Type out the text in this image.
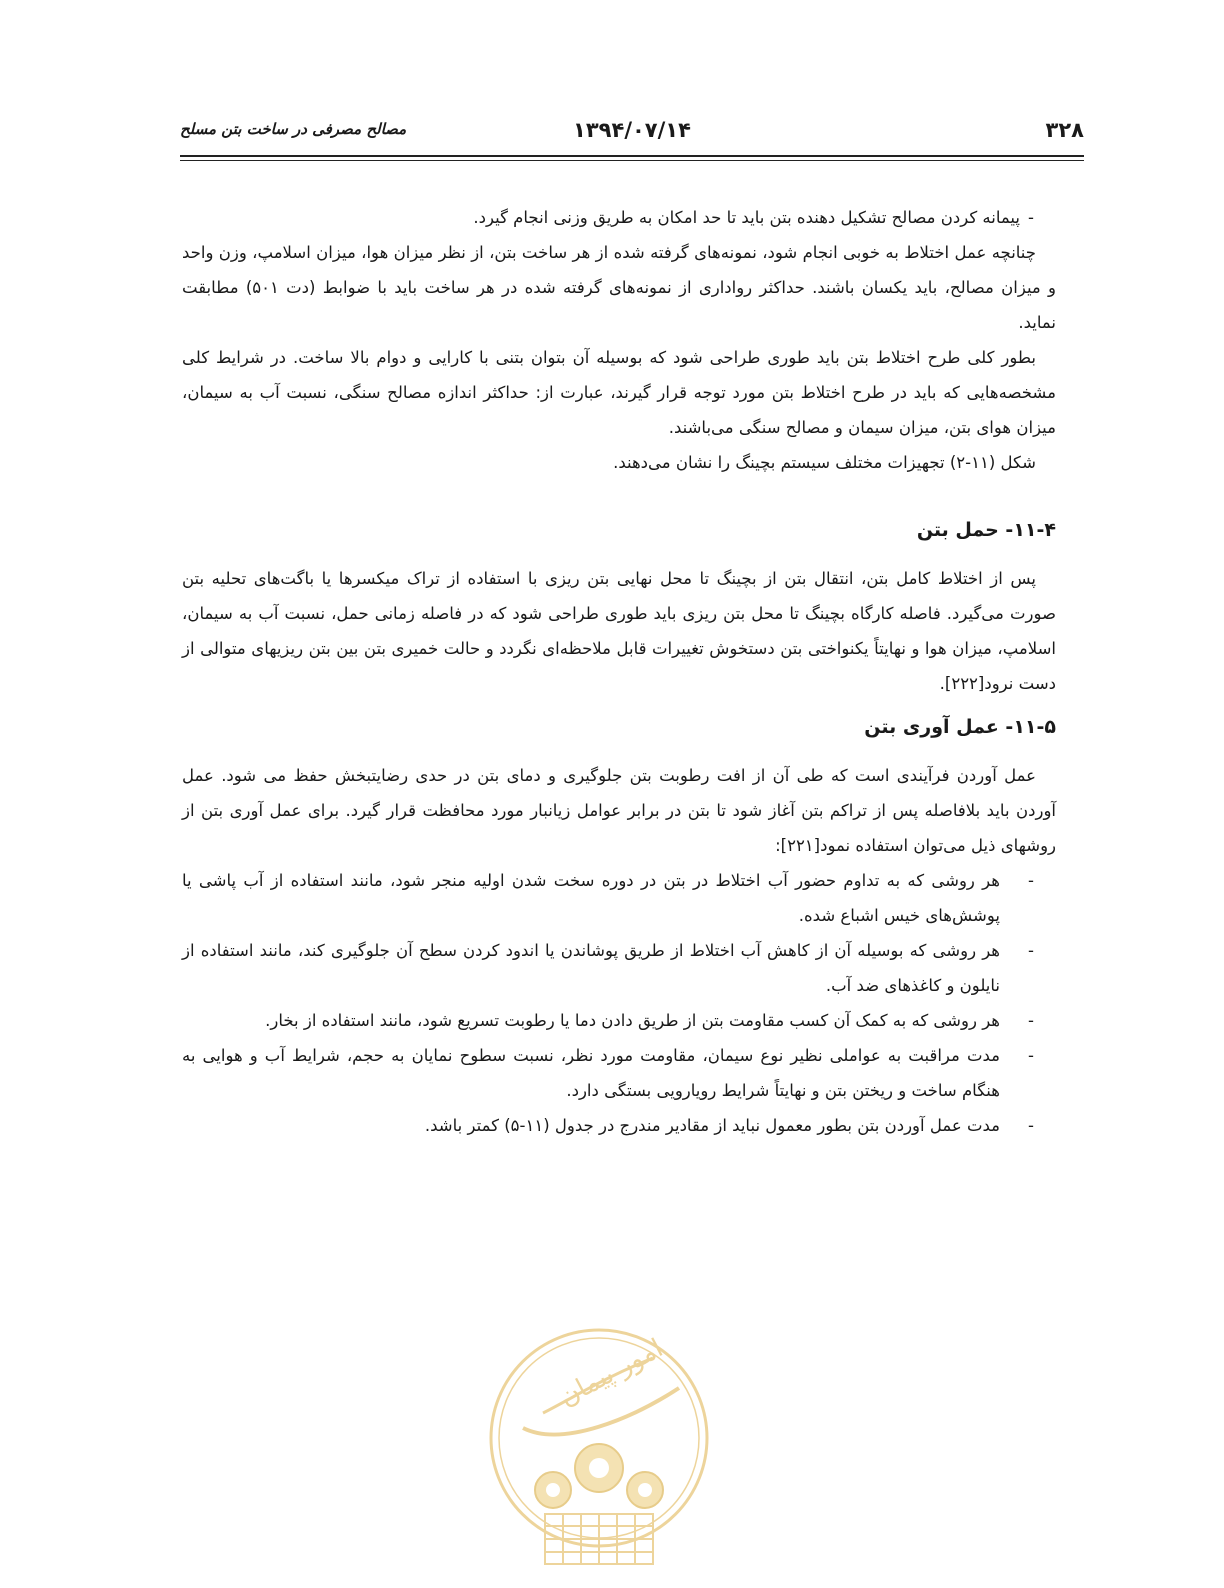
۳۲۸
۱۳۹۴/۰۷/۱۴
مصالح مصرفی در ساخت بتن مسلح

-
پیمانه کردن مصالح تشکیل دهنده بتن باید تا حد امکان به طریق وزنی انجام گیرد.

چنانچه عمل اختلاط به خوبی انجام شود، نمونه‌های گرفته شده از هر ساخت بتن، از نظر میزان هوا، میزان اسلامپ، وزن واحد و میزان مصالح، باید یکسان باشند. حداکثر رواداری از نمونه‌های گرفته شده در هر ساخت باید با ضوابط (دت ۵۰۱) مطابقت نماید.

بطور کلی طرح اختلاط بتن باید طوری طراحی شود که بوسیله آن بتوان بتنی با کارایی و دوام بالا ساخت. در شرایط کلی مشخصه‌هایی که باید در طرح اختلاط بتن مورد توجه قرار گیرند، عبارت از: حداکثر اندازه مصالح سنگی، نسبت آب به سیمان، میزان هوای بتن، میزان سیمان و مصالح سنگی می‌باشند.

شکل (۱۱-۲) تجهیزات مختلف سیستم بچینگ را نشان می‌دهند.

۱۱-۴- حمل بتن

پس از اختلاط کامل بتن، انتقال بتن از بچینگ تا محل نهایی بتن ریزی با استفاده از تراک میکسرها یا باگت‌های تحلیه بتن صورت می‌گیرد. فاصله کارگاه بچینگ تا محل بتن ریزی باید طوری طراحی شود که در فاصله زمانی حمل، نسبت آب به سیمان، اسلامپ، میزان هوا و نهایتاً یکنواختی بتن دستخوش تغییرات قابل ملاحظه‌ای نگردد و حالت خمیری بتن بین بتن ریزیهای متوالی از دست نرود[۲۲۲].

۱۱-۵- عمل آوری بتن

عمل آوردن فرآیندی است که طی آن از افت رطوبت بتن جلوگیری و دمای بتن در حدی رضایتبخش حفظ می شود. عمل آوردن باید بلافاصله پس از تراکم بتن آغاز شود تا بتن در برابر عوامل زیانبار مورد محافظت قرار گیرد. برای عمل آوری بتن از روشهای ذیل می‌توان استفاده نمود[۲۲۱]:

-
هر روشی که به تداوم حضور آب اختلاط در بتن در دوره سخت شدن اولیه منجر شود، مانند استفاده از آب پاشی یا پوشش‌های خیس اشباع شده.

-
هر روشی که بوسیله آن از کاهش آب اختلاط از طریق پوشاندن یا اندود کردن سطح آن جلوگیری کند، مانند استفاده از نایلون و کاغذهای ضد آب.

-
هر روشی که به کمک آن کسب مقاومت بتن از طریق دادن دما یا رطوبت تسریع شود، مانند استفاده از بخار.

-
مدت مراقبت به عواملی نظیر نوع سیمان، مقاومت مورد نظر، نسبت سطوح نمایان به حجم، شرایط آب و هوایی به هنگام ساخت و ریختن بتن و نهایتاً شرایط رویارویی بستگی دارد.

-
مدت عمل آوردن بتن بطور معمول نباید از مقادیر مندرج در جدول (۱۱-۵) کمتر باشد.

امور پیمان
